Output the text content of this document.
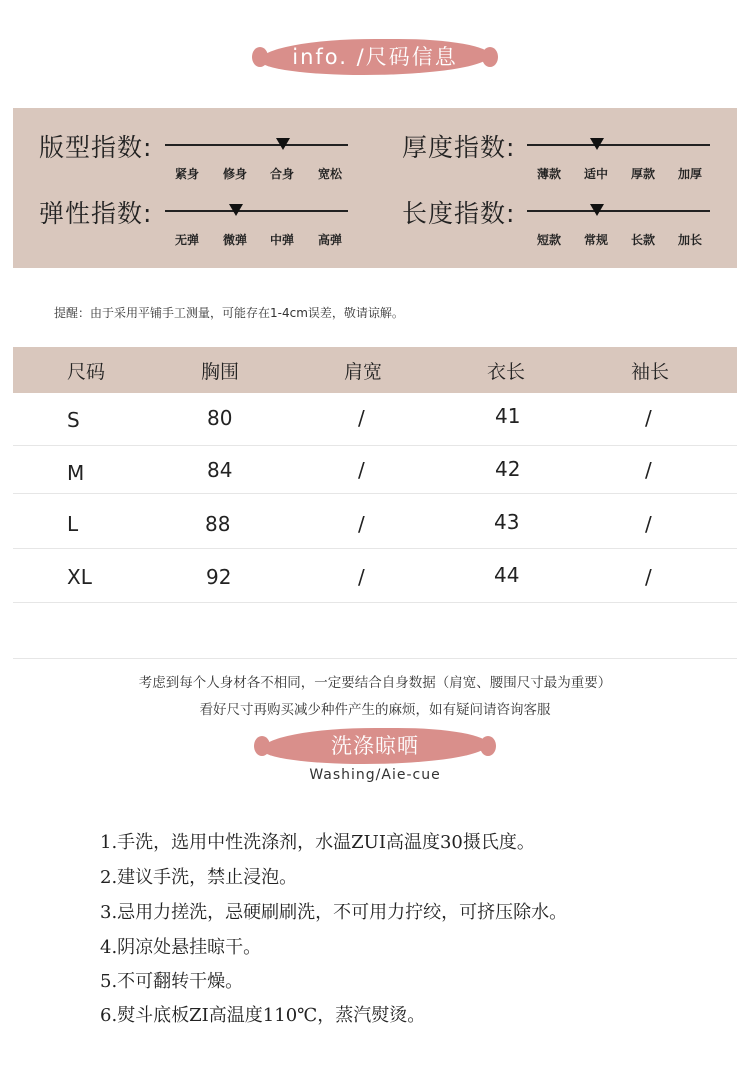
info. /尺码信息
版型指数:
紧身 修身 合身 宽松
厚度指数:
薄款 适中 厚款 加厚
弹性指数:
无弹 微弹 中弹 高弹
长度指数:
短款 常规 长款 加长
提醒：由于采用平铺手工测量，可能存在1-4cm误差，敬请谅解。
尺码	胸围	肩宽	衣长	袖长
S	80	/	41	/
M	84	/	42	/
L	88	/	43	/
XL	92	/	44	/
考虑到每个人身材各不相同，一定要结合自身数据（肩宽、腰围尺寸最为重要）
看好尺寸再购买减少种件产生的麻烦，如有疑问请咨询客服
洗涤晾晒
Washing/Aie-cue
1.手洗，选用中性洗涤剂，水温ZUI高温度30摄氏度。
2.建议手洗，禁止浸泡。
3.忌用力搓洗，忌硬刷刷洗，不可用力拧绞，可挤压除水。
4.阴凉处悬挂晾干。
5.不可翻转干燥。
6.熨斗底板ZI高温度110℃，蒸汽熨烫。
